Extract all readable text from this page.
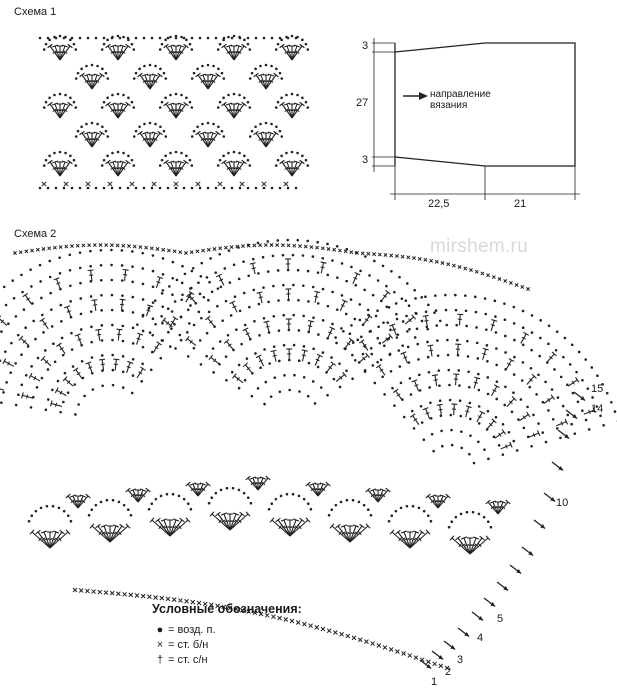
Схема 1
Схема 2
mirshem.ru
3
27
3
22,5	21
направление
вязания
1
2
3
4
5
10
14
15
Условные обозначения:
● = возд. п.
× = ст. б/н
† = ст. с/н
